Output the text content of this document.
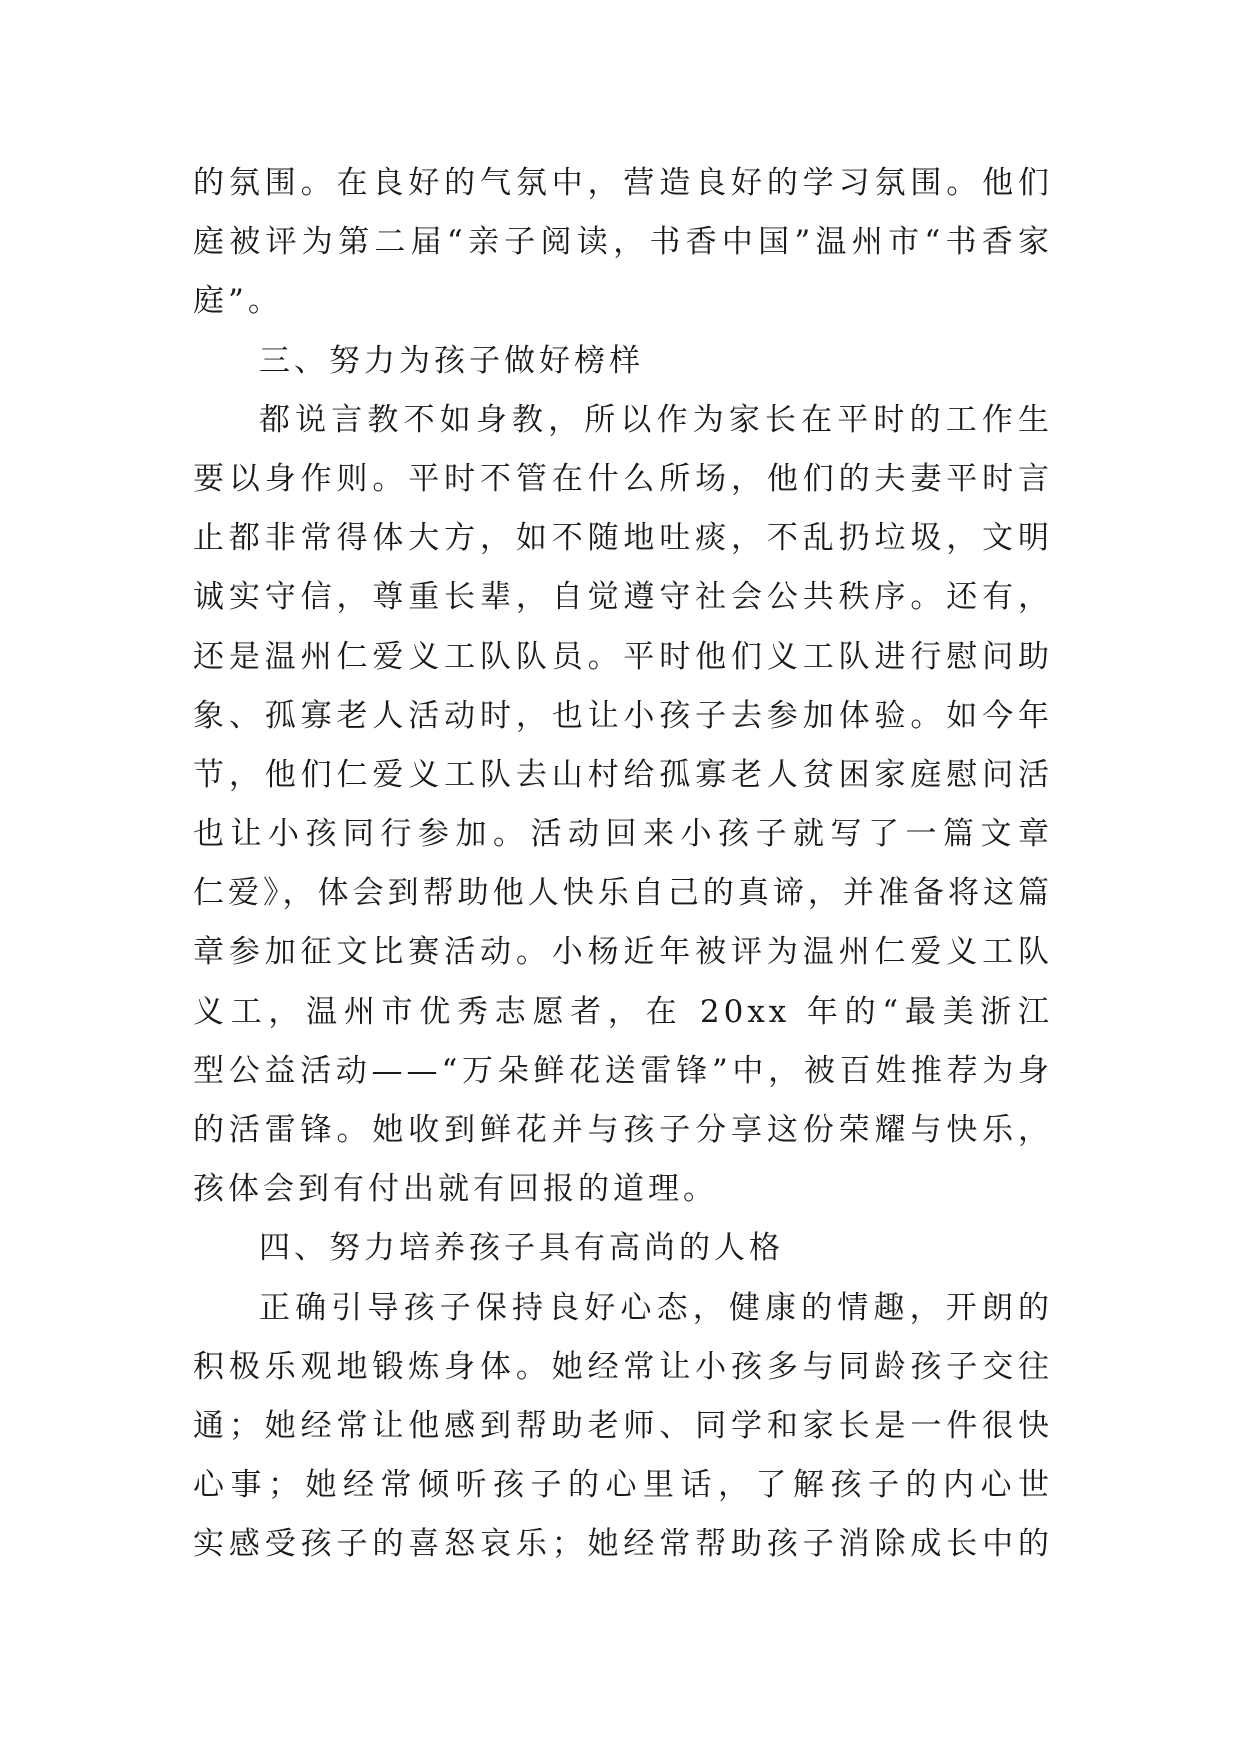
的氛围。在良好的气氛中，营造良好的学习氛围。他们
庭被评为第二届“亲子阅读，书香中国”温州市“书香家
庭”。
三、努力为孩子做好榜样
都说言教不如身教，所以作为家长在平时的工作生
要以身作则。平时不管在什么所场，他们的夫妻平时言
止都非常得体大方，如不随地吐痰，不乱扔垃圾，文明
诚实守信，尊重长辈，自觉遵守社会公共秩序。还有，
还是温州仁爱义工队队员。平时他们义工队进行慰问助
象、孤寡老人活动时，也让小孩子去参加体验。如今年
节，他们仁爱义工队去山村给孤寡老人贫困家庭慰问活
也让小孩同行参加。活动回来小孩子就写了一篇文章
仁爱》，体会到帮助他人快乐自己的真谛，并准备将这篇
章参加征文比赛活动。小杨近年被评为温州仁爱义工队
义工，温州市优秀志愿者，在 20xx 年的“最美浙江
型公益活动——“万朵鲜花送雷锋”中，被百姓推荐为身
的活雷锋。她收到鲜花并与孩子分享这份荣耀与快乐，
孩体会到有付出就有回报的道理。
四、努力培养孩子具有高尚的人格
正确引导孩子保持良好心态，健康的情趣，开朗的
积极乐观地锻炼身体。她经常让小孩多与同龄孩子交往
通；她经常让他感到帮助老师、同学和家长是一件很快
心事；她经常倾听孩子的心里话，了解孩子的内心世
实感受孩子的喜怒哀乐；她经常帮助孩子消除成长中的
